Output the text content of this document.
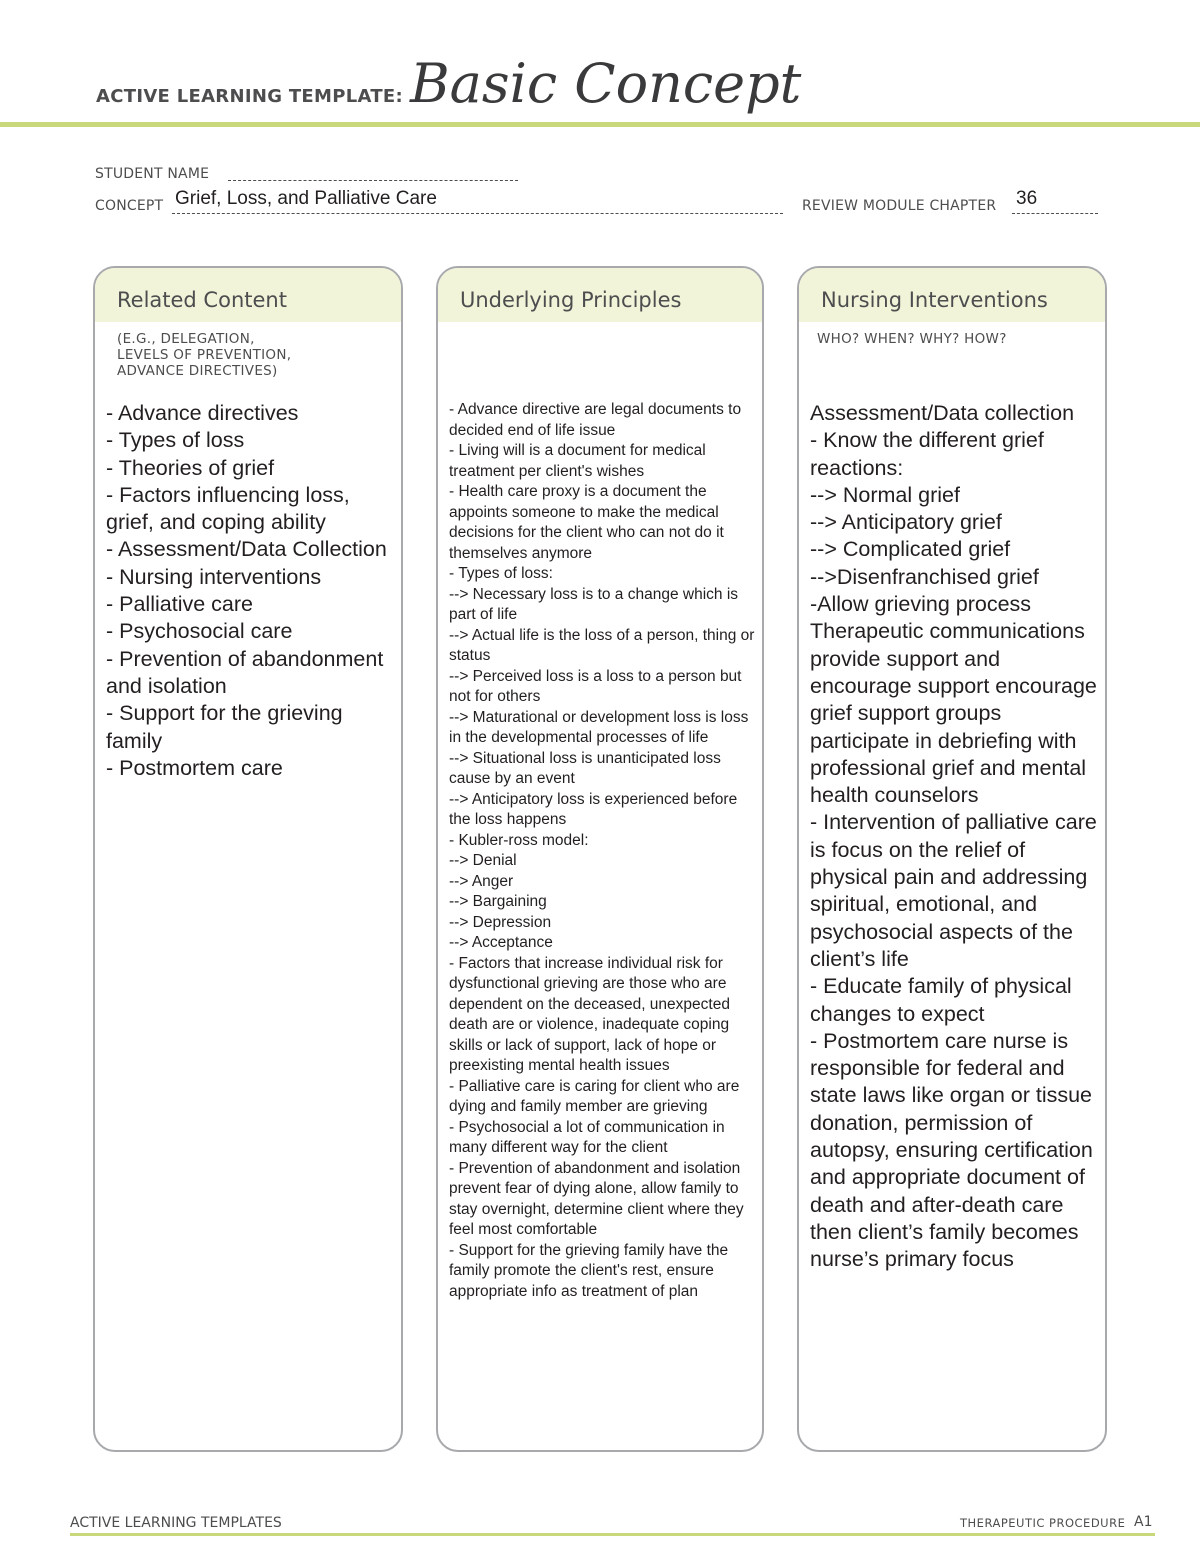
ACTIVE LEARNING TEMPLATE: Basic Concept
STUDENT NAME
CONCEPT Grief, Loss, and Palliative Care	REVIEW MODULE CHAPTER 36
Related Content
(E.G., DELEGATION,
LEVELS OF PREVENTION,
ADVANCE DIRECTIVES)
- Advance directives
- Types of loss
- Theories of grief
- Factors influencing loss, grief, and coping ability
- Assessment/Data Collection
- Nursing interventions
- Palliative care
- Psychosocial care
- Prevention of abandonment and isolation
- Support for the grieving family
- Postmortem care
Underlying Principles
- Advance directive are legal documents to decided end of life issue
- Living will is a document for medical treatment per client's wishes
- Health care proxy is a document the appoints someone to make the medical decisions for the client who can not do it themselves anymore
- Types of loss:
--> Necessary loss is to a change which is part of life
--> Actual life is the loss of a person, thing or status
--> Perceived loss is a loss to a person but not for others
--> Maturational or development loss is loss in the developmental processes of life
--> Situational loss is unanticipated loss cause by an event
--> Anticipatory loss is experienced before the loss happens
- Kubler-ross model:
--> Denial
--> Anger
--> Bargaining
--> Depression
--> Acceptance
- Factors that increase individual risk for dysfunctional grieving are those who are dependent on the deceased, unexpected death are or violence, inadequate coping skills or lack of support, lack of hope or preexisting mental health issues
- Palliative care is caring for client who are dying and family member are grieving
- Psychosocial a lot of communication in many different way for the client
- Prevention of abandonment and isolation prevent fear of dying alone, allow family to stay overnight, determine client where they feel most comfortable
- Support for the grieving family have the family promote the client's rest, ensure appropriate info as treatment of plan
Nursing Interventions
WHO? WHEN? WHY? HOW?
Assessment/Data collection
- Know the different grief reactions:
--> Normal grief
--> Anticipatory grief
--> Complicated grief
-->Disenfranchised grief
-Allow grieving process Therapeutic communications provide support and encourage support encourage grief support groups participate in debriefing with professional grief and mental health counselors
- Intervention of palliative care is focus on the relief of physical pain and addressing spiritual, emotional, and psychosocial aspects of the client’s life
- Educate family of physical changes to expect
- Postmortem care nurse is responsible for federal and state laws like organ or tissue donation, permission of autopsy, ensuring certification and appropriate document of death and after-death care then client’s family becomes nurse’s primary focus
ACTIVE LEARNING TEMPLATES	THERAPEUTIC PROCEDURE A1
